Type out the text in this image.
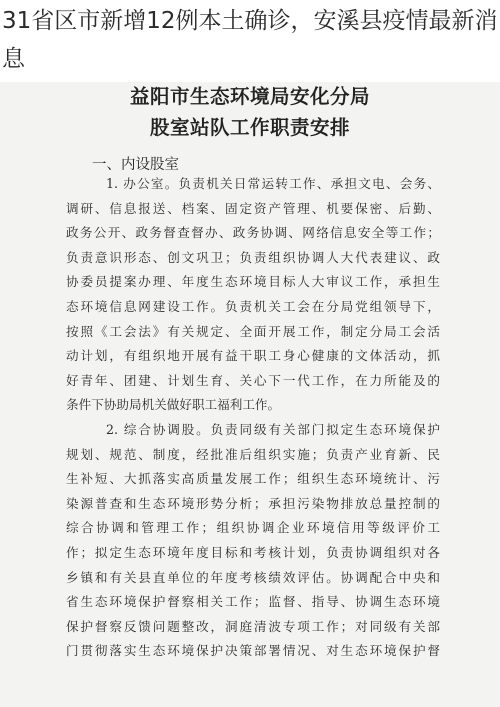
31省区市新增12例本土确诊，安溪县疫情最新消息
益阳市生态环境局安化分局
股室站队工作职责安排
一、内设股室
1. 办公室。负责机关日常运转工作、承担文电、会务、
调研、信息报送、档案、固定资产管理、机要保密、后勤、
政务公开、政务督查督办、政务协调、网络信息安全等工作；
负责意识形态、创文巩卫；负责组织协调人大代表建议、政
协委员提案办理、年度生态环境目标人大审议工作，承担生
态环境信息网建设工作。负责机关工会在分局党组领导下，
按照《工会法》有关规定、全面开展工作，制定分局工会活
动计划，有组织地开展有益干职工身心健康的文体活动，抓
好青年、团建、计划生育、关心下一代工作，在力所能及的
条件下协助局机关做好职工福利工作。
2. 综合协调股。负责同级有关部门拟定生态环境保护
规划、规范、制度，经批准后组织实施；负责产业育新、民
生补短、大抓落实高质量发展工作；组织生态环境统计、污
染源普查和生态环境形势分析；承担污染物排放总量控制的
综合协调和管理工作；组织协调企业环境信用等级评价工
作；拟定生态环境年度目标和考核计划，负责协调组织对各
乡镇和有关县直单位的年度考核绩效评估。协调配合中央和
省生态环境保护督察相关工作；监督、指导、协调生态环境
保护督察反馈问题整改，洞庭清波专项工作；对同级有关部
门贯彻落实生态环境保护决策部署情况、对生态环境保护督
